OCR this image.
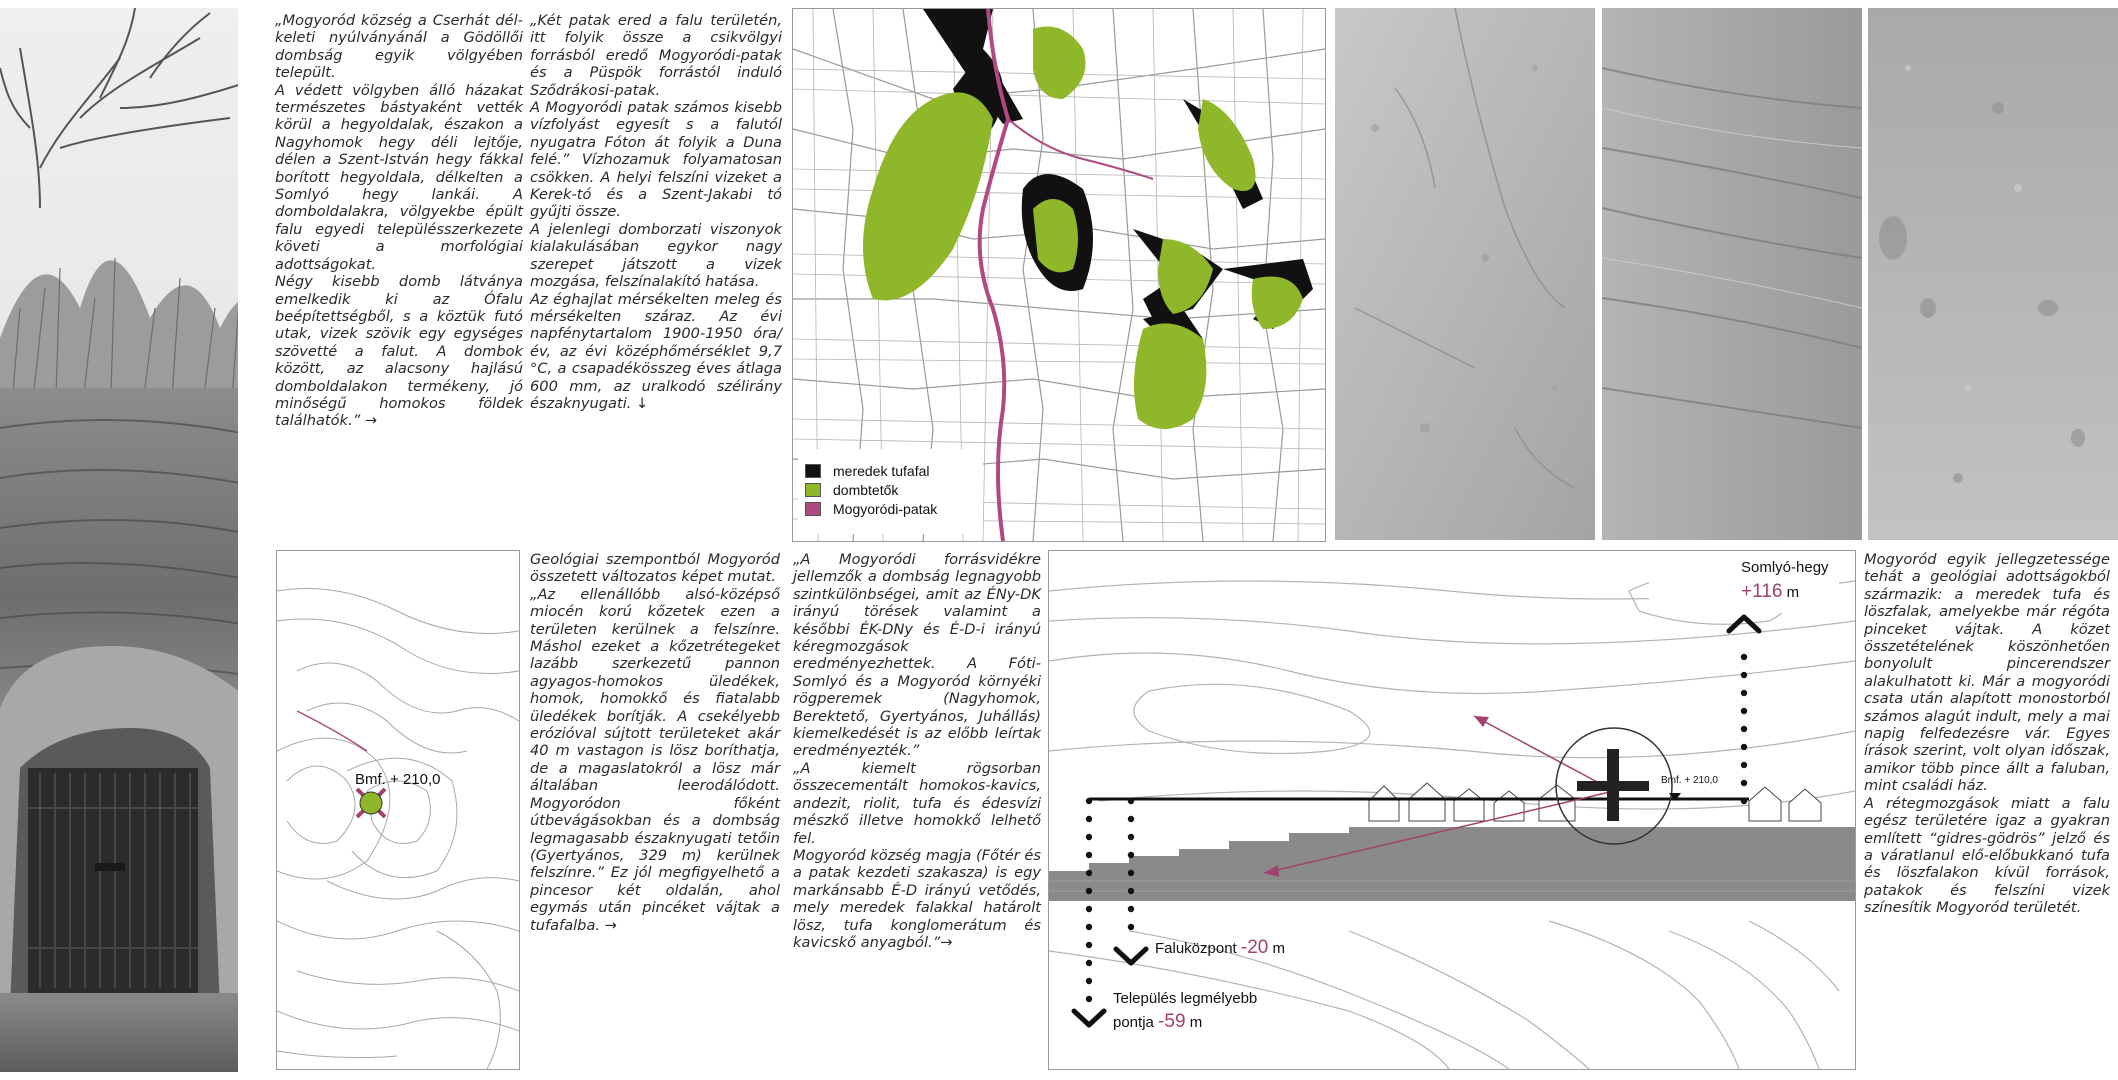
„Mogyoród község a Cserhát dél-keleti nyúlványánál a Gödöllői dombság egyik völgyében települt.

A védett völgyben álló házakat természetes bástyaként vették körül a hegyoldalak, északon a Nagyhomok hegy déli lejtője, délen a Szent-István hegy fákkal borított hegyoldala, délkelten a Somlyó hegy lankái. A domboldalakra, völgyekbe épült falu egyedi településszerkezete követi a morfológiai adottságokat.

Négy kisebb domb látványa emelkedik ki az Ófalu beépítettségből, s a köztük futó utak, vizek szövik egy egységes szövetté a falut. A dombok között, az alacsony hajlású domboldalakon termékeny, jó minőségű homokos földek találhatók.” →

„Két patak ered a falu területén, itt folyik össze a csikvölgyi forrásból eredő Mogyoródi-patak és a Püspök forrástól induló Sződrákosi-patak.

A Mogyoródi patak számos kisebb vízfolyást egyesít s a falutól nyugatra Fóton át folyik a Duna felé.” Vízhozamuk folyamatosan csökken. A helyi felszíni vizeket a Kerek-tó és a Szent-Jakabi tó gyűjti össze.

A jelenlegi domborzati viszonyok kialakulásában egykor nagy szerepet játszott a vizek mozgása, felszínalakító hatása.

Az éghajlat mérsékelten meleg és mérsékelten száraz. Az évi napfénytartalom 1900-1950 óra/év, az évi középhőmérséklet 9,7 °C, a csapadékösszeg éves átlaga 600 mm, az uralkodó szélirány északnyugati. ↓

meredek tufafal
dombtetők
Mogyoródi-patak
Bmf. + 210,0

Geológiai szempontból Mogyoród összetett változatos képet mutat.

„Az ellenállóbb alsó-középső miocén korú kőzetek ezen a területen kerülnek a felszínre. Máshol ezeket a kőzetrétegeket lazább szerkezetű pannon agyagos-homokos üledékek, homok, homokkő és fiatalabb üledékek borítják. A csekélyebb erózióval sújtott területeket akár 40 m vastagon is lösz boríthatja, de a magaslatokról a lösz már általában leerodálódott. Mogyoródon főként útbevágásokban és a dombság legmagasabb északnyugati tetőin (Gyertyános, 329 m) kerülnek felszínre.” Ez jól megfigyelhető a pincesor két oldalán, ahol egymás után pincéket vájtak a tufafalba. →

„A Mogyoródi forrásvidékre jellemzők a dombság legnagyobb szintkülönbségei, amit az ÉNy-DK irányú törések valamint a későbbi ÉK-DNy és É-D-i irányú kéregmozgások eredményezhettek. A Fóti-Somlyó és a Mogyoród környéki rögperemek (Nagyhomok, Berektető, Gyertyános, Juhállás) kiemelkedését is az előbb leírtak eredményezték.”

„A kiemelt rögsorban összecementált homokos-kavics, andezit, riolit, tufa és édesvízi mészkő illetve homokkő lelhető fel.

Mogyoród község magja (Főtér és a patak kezdeti szakasza) is egy markánsabb É-D irányú vetődés, mely meredek falakkal határolt lösz, tufa konglomerátum és kavicskő anyagból.”→

Somlyó-hegy
+116 m
Bmf. + 210,0
Faluközpont -20 m
Település legmélyebb
pontja -59 m

Mogyoród egyik jellegzetessége tehát a geológiai adottságokból származik: a meredek tufa és löszfalak, amelyekbe már régóta pinceket vájtak. A közet összetételének köszönhetően bonyolult pincerendszer alakulhatott ki. Már a mogyoródi csata után alapított monostorból számos alagút indult, mely a mai napig felfedezésre vár. Egyes írások szerint, volt olyan időszak, amikor több pince állt a faluban, mint családi ház.

A rétegmozgások miatt a falu egész területére igaz a gyakran említett “gidres-gödrös” jelző és a váratlanul elő-előbukkanó tufa és löszfalakon kívül források, patakok és felszíni vizek színesítik Mogyoród területét.
